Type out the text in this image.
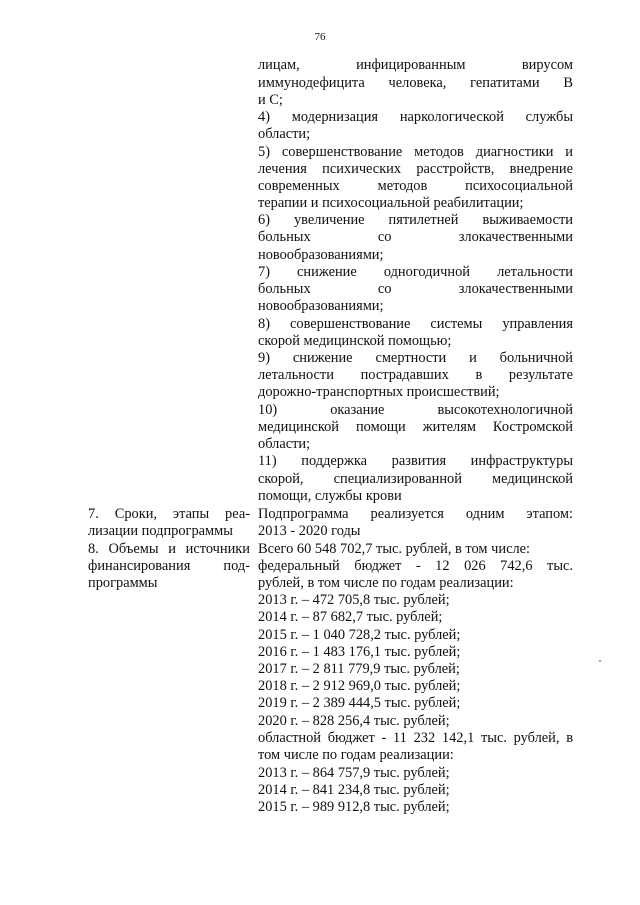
76
лицам, инфицированным вирусом
иммунодефицита человека, гепатитами В
и С;
4) модернизация наркологической службы
области;
5) совершенствование методов диагностики и
лечения психических расстройств, внедрение
современных методов психосоциальной
терапии и психосоциальной реабилитации;
6) увеличение пятилетней выживаемости
больных со злокачественными
новообразованиями;
7) снижение одногодичной летальности
больных со злокачественными
новообразованиями;
8) совершенствование системы управления
скорой медицинской помощью;
9) снижение смертности и больничной
летальности пострадавших в результате
дорожно-транспортных происшествий;
10) оказание высокотехнологичной
медицинской помощи жителям Костромской
области;
11) поддержка развития инфраструктуры
скорой, специализированной медицинской
помощи, службы крови
Подпрограмма реализуется одним этапом:
2013 - 2020 годы
Всего 60 548 702,7 тыс. рублей, в том числе:
федеральный бюджет - 12 026 742,6 тыс.
рублей, в том числе по годам реализации:
2013 г. – 472 705,8 тыс. рублей;
2014 г. – 87 682,7 тыс. рублей;
2015 г. – 1 040 728,2 тыс. рублей;
2016 г. – 1 483 176,1 тыс. рублей;
2017 г. – 2 811 779,9 тыс. рублей;
2018 г. – 2 912 969,0 тыс. рублей;
2019 г. – 2 389 444,5 тыс. рублей;
2020 г. – 828 256,4 тыс. рублей;
областной бюджет - 11 232 142,1 тыс. рублей, в
том числе по годам реализации:
2013 г. – 864 757,9 тыс. рублей;
2014 г. – 841 234,8 тыс. рублей;
2015 г. – 989 912,8 тыс. рублей;
7. Сроки, этапы реа-
лизации подпрограммы
8. Объемы и источники
финансирования под-
программы
